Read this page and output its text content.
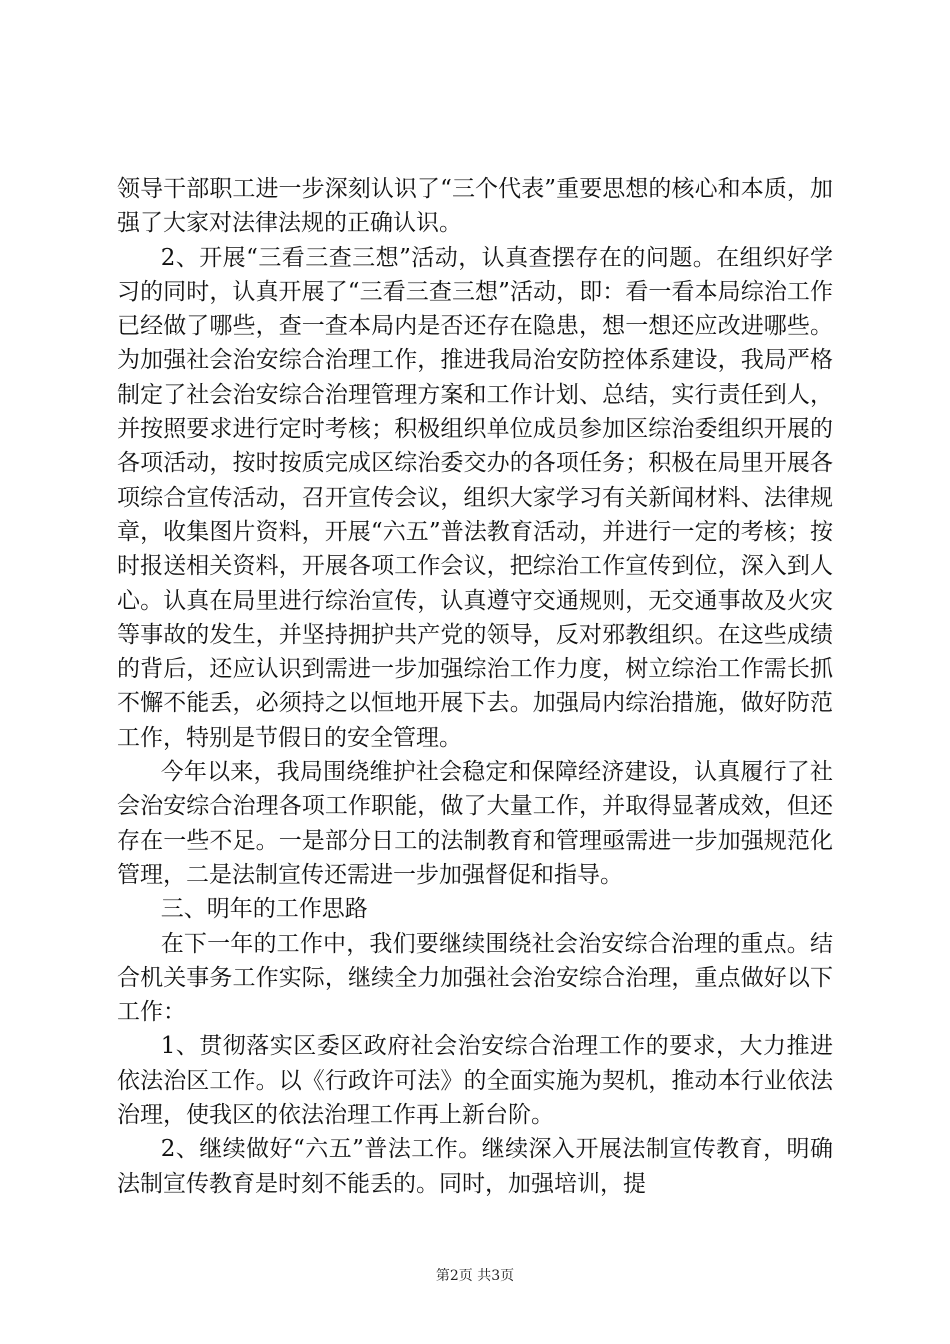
领导干部职工进一步深刻认识了“三个代表”重要思想的核心和本质，加强了大家对法律法规的正确认识。

2、开展“三看三查三想”活动，认真查摆存在的问题。在组织好学习的同时，认真开展了“三看三查三想”活动，即：看一看本局综治工作已经做了哪些，查一查本局内是否还存在隐患，想一想还应改进哪些。为加强社会治安综合治理工作，推进我局治安防控体系建设，我局严格制定了社会治安综合治理管理方案和工作计划、总结，实行责任到人，并按照要求进行定时考核；积极组织单位成员参加区综治委组织开展的各项活动，按时按质完成区综治委交办的各项任务；积极在局里开展各项综合宣传活动，召开宣传会议，组织大家学习有关新闻材料、法律规章，收集图片资料，开展“六五”普法教育活动，并进行一定的考核；按时报送相关资料，开展各项工作会议，把综治工作宣传到位，深入到人心。认真在局里进行综治宣传，认真遵守交通规则，无交通事故及火灾等事故的发生，并坚持拥护共产党的领导，反对邪教组织。在这些成绩的背后，还应认识到需进一步加强综治工作力度，树立综治工作需长抓不懈不能丢，必须持之以恒地开展下去。加强局内综治措施，做好防范工作，特别是节假日的安全管理。

今年以来，我局围绕维护社会稳定和保障经济建设，认真履行了社会治安综合治理各项工作职能，做了大量工作，并取得显著成效，但还存在一些不足。一是部分日工的法制教育和管理亟需进一步加强规范化管理，二是法制宣传还需进一步加强督促和指导。

三、明年的工作思路

在下一年的工作中，我们要继续围绕社会治安综合治理的重点。结合机关事务工作实际，继续全力加强社会治安综合治理，重点做好以下工作：

1、贯彻落实区委区政府社会治安综合治理工作的要求，大力推进依法治区工作。以《行政许可法》的全面实施为契机，推动本行业依法治理，使我区的依法治理工作再上新台阶。

2、继续做好“六五”普法工作。继续深入开展法制宣传教育，明确法制宣传教育是时刻不能丢的。同时，加强培训，提

第2页 共3页
